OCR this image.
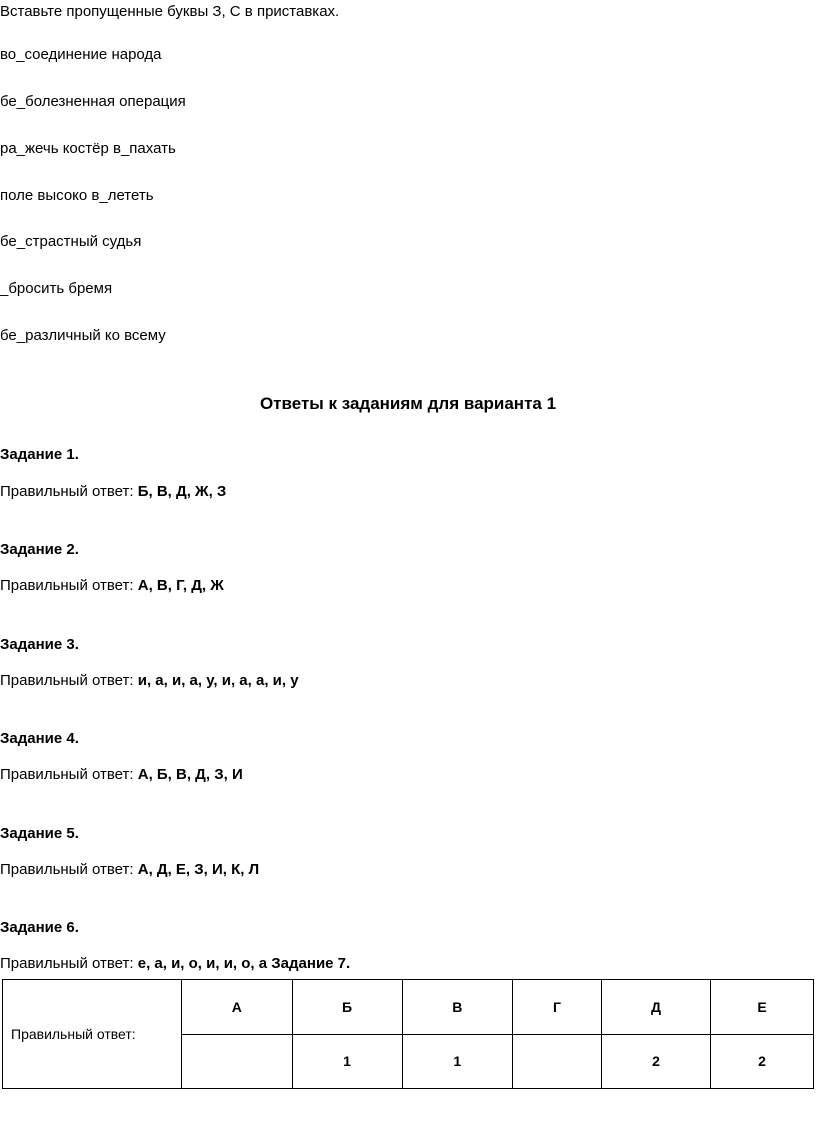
Вставьте пропущенные буквы З, С в приставках.
во_соединение народа
бе_болезненная операция
ра_жечь костёр в_пахать
поле высоко в_лететь
бе_страстный судья
_бросить бремя
бе_различный ко всему
Ответы к заданиям для варианта 1
Задание 1.
Правильный ответ: Б, В, Д, Ж, З
Задание 2.
Правильный ответ: А, В, Г, Д, Ж
Задание 3.
Правильный ответ: и, а, и, а, у, и, а, а, и, у
Задание 4.
Правильный ответ: А, Б, В, Д, З, И
Задание 5.
Правильный ответ: А, Д, Е, З, И, К, Л
Задание 6.
Правильный ответ: е, а, и, о, и, и, о, а Задание 7.
Правильный ответ:	А	Б	В	Г	Д	Е
		1	1		2	2
